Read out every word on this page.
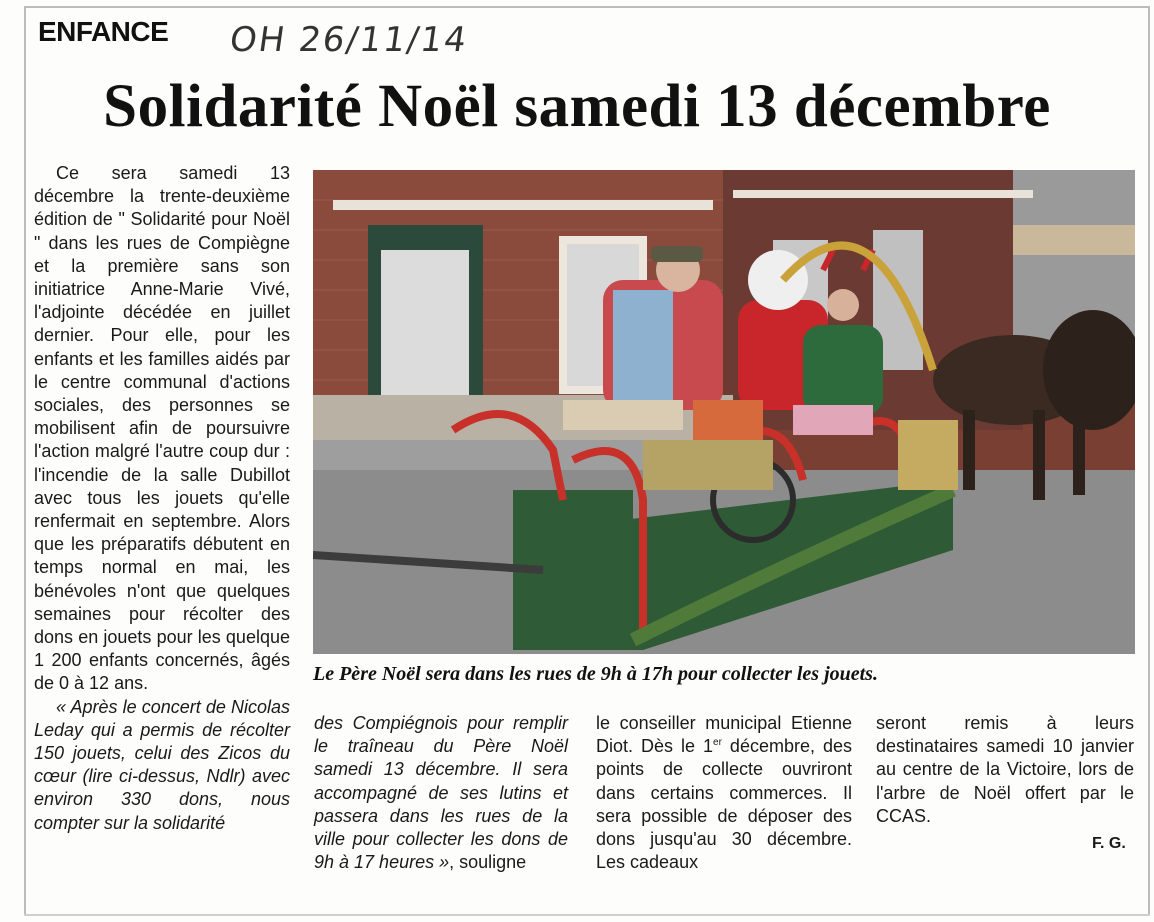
ENFANCE OH 26/11/14
Solidarité Noël samedi 13 décembre

Ce sera samedi 13 décembre la trente-deuxième édition de " Solidarité pour Noël " dans les rues de Compiègne et la première sans son initiatrice Anne-Marie Vivé, l'adjointe décédée en juillet dernier. Pour elle, pour les enfants et les familles aidés par le centre communal d'actions sociales, des personnes se mobilisent afin de poursuivre l'action malgré l'autre coup dur : l'incendie de la salle Dubillot avec tous les jouets qu'elle renfermait en septembre. Alors que les préparatifs débutent en temps normal en mai, les bénévoles n'ont que quelques semaines pour récolter des dons en jouets pour les quelque 1 200 enfants concernés, âgés de 0 à 12 ans.

« Après le concert de Nicolas Leday qui a permis de récolter 150 jouets, celui des Zicos du cœur (lire ci-dessus, Ndlr) avec environ 330 dons, nous compter sur la solidarité

Le Père Noël sera dans les rues de 9h à 17h pour collecter les jouets.
des Compiégnois pour remplir le traîneau du Père Noël samedi 13 décembre. Il sera accompagné de ses lutins et passera dans les rues de la ville pour collecter les dons de 9h à 17 heures », souligne
le conseiller municipal Etienne Diot. Dès le 1er décembre, des points de collecte ouvriront dans certains commerces. Il sera possible de déposer des dons jusqu'au 30 décembre. Les cadeaux
seront remis à leurs destinataires samedi 10 janvier au centre de la Victoire, lors de l'arbre de Noël offert par le CCAS.
F. G.
